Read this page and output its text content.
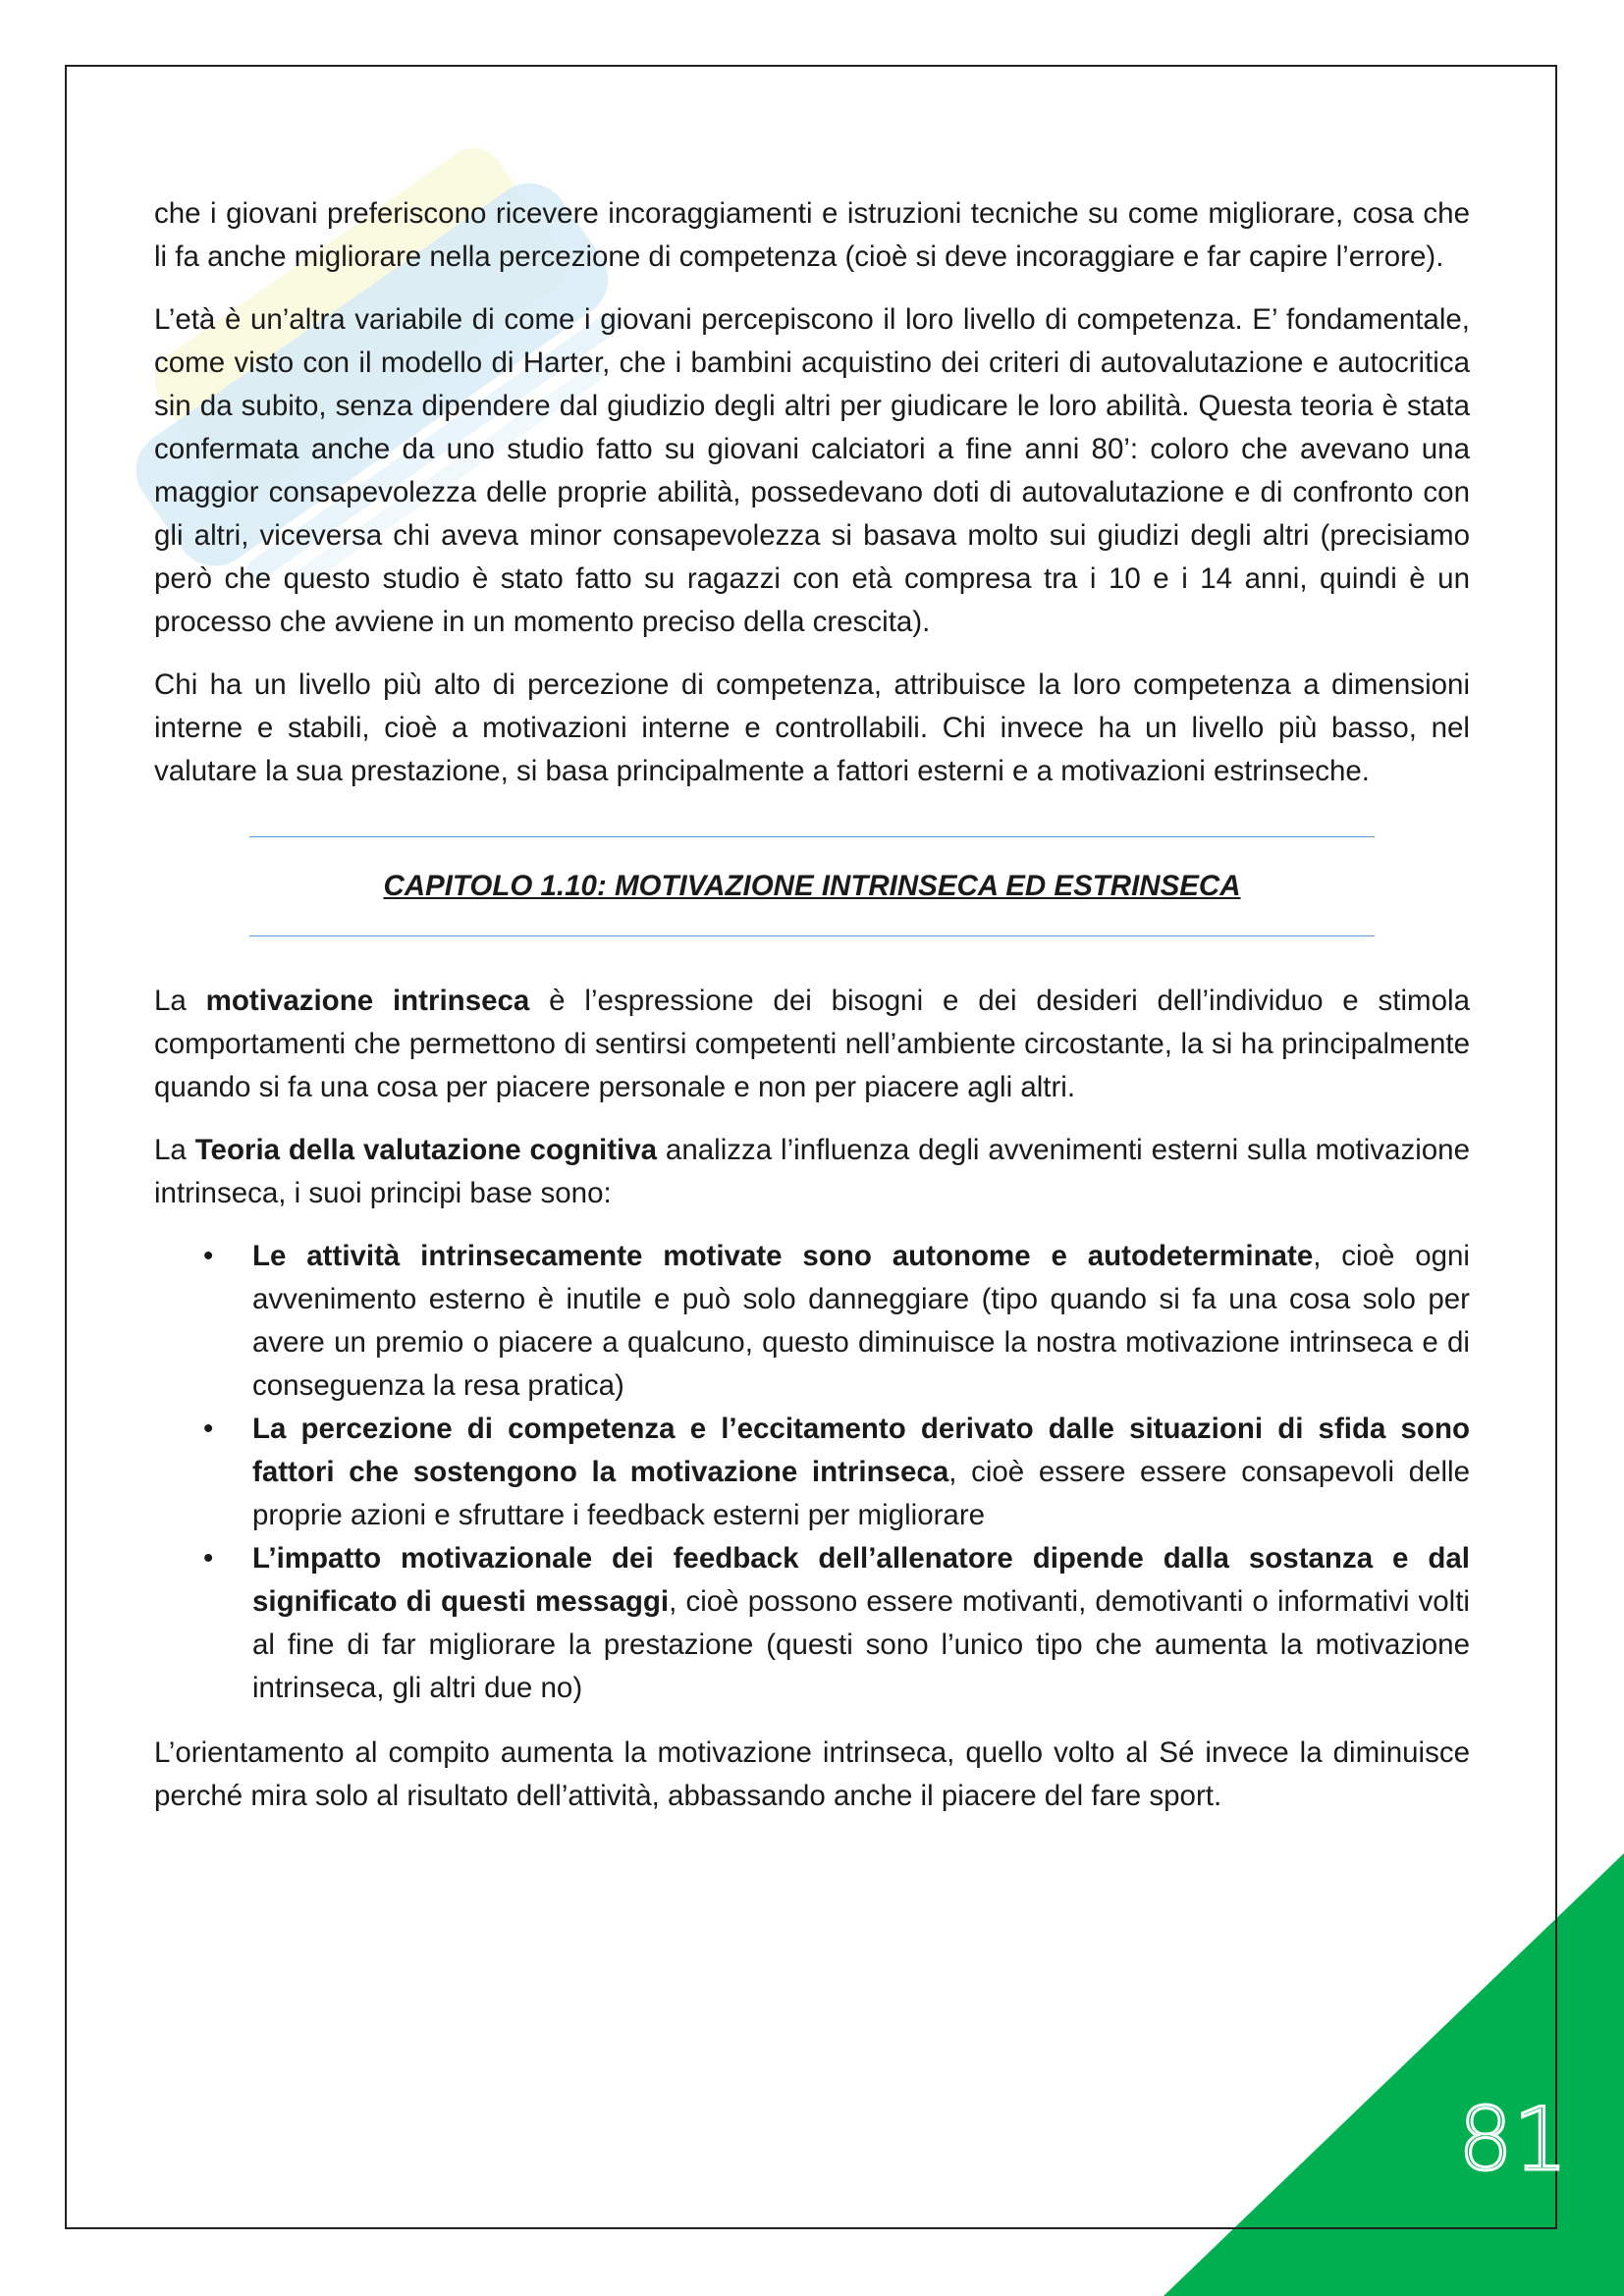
che i giovani preferiscono ricevere incoraggiamenti e istruzioni tecniche su come migliorare, cosa che li fa anche migliorare nella percezione di competenza (cioè si deve incoraggiare e far capire l’errore).

L’età è un’altra variabile di come i giovani percepiscono il loro livello di competenza. E’ fondamentale, come visto con il modello di Harter, che i bambini acquistino dei criteri di autovalutazione e autocritica sin da subito, senza dipendere dal giudizio degli altri per giudicare le loro abilità. Questa teoria è stata confermata anche da uno studio fatto su giovani calciatori a fine anni 80’: coloro che avevano una maggior consapevolezza delle proprie abilità, possedevano doti di autovalutazione e di confronto con gli altri, viceversa chi aveva minor consapevolezza si basava molto sui giudizi degli altri (precisiamo però che questo studio è stato fatto su ragazzi con età compresa tra i 10 e i 14 anni, quindi è un processo che avviene in un momento preciso della crescita).

Chi ha un livello più alto di percezione di competenza, attribuisce la loro competenza a dimensioni interne e stabili, cioè a motivazioni interne e controllabili. Chi invece ha un livello più basso, nel valutare la sua prestazione, si basa principalmente a fattori esterni e a motivazioni estrinseche.

CAPITOLO 1.10: MOTIVAZIONE INTRINSECA ED ESTRINSECA

La motivazione intrinseca è l’espressione dei bisogni e dei desideri dell’individuo e stimola comportamenti che permettono di sentirsi competenti nell’ambiente circostante, la si ha principalmente quando si fa una cosa per piacere personale e non per piacere agli altri.

La Teoria della valutazione cognitiva analizza l’influenza degli avvenimenti esterni sulla motivazione intrinseca, i suoi principi base sono:

• Le attività intrinsecamente motivate sono autonome e autodeterminate, cioè ogni avvenimento esterno è inutile e può solo danneggiare (tipo quando si fa una cosa solo per avere un premio o piacere a qualcuno, questo diminuisce la nostra motivazione intrinseca e di conseguenza la resa pratica)
• La percezione di competenza e l’eccitamento derivato dalle situazioni di sfida sono fattori che sostengono la motivazione intrinseca, cioè essere essere consapevoli delle proprie azioni e sfruttare i feedback esterni per migliorare
• L’impatto motivazionale dei feedback dell’allenatore dipende dalla sostanza e dal significato di questi messaggi, cioè possono essere motivanti, demotivanti o informativi volti al fine di far migliorare la prestazione (questi sono l’unico tipo che aumenta la motivazione intrinseca, gli altri due no)

L’orientamento al compito aumenta la motivazione intrinseca, quello volto al Sé invece la diminuisce perché mira solo al risultato dell’attività, abbassando anche il piacere del fare sport.

81
